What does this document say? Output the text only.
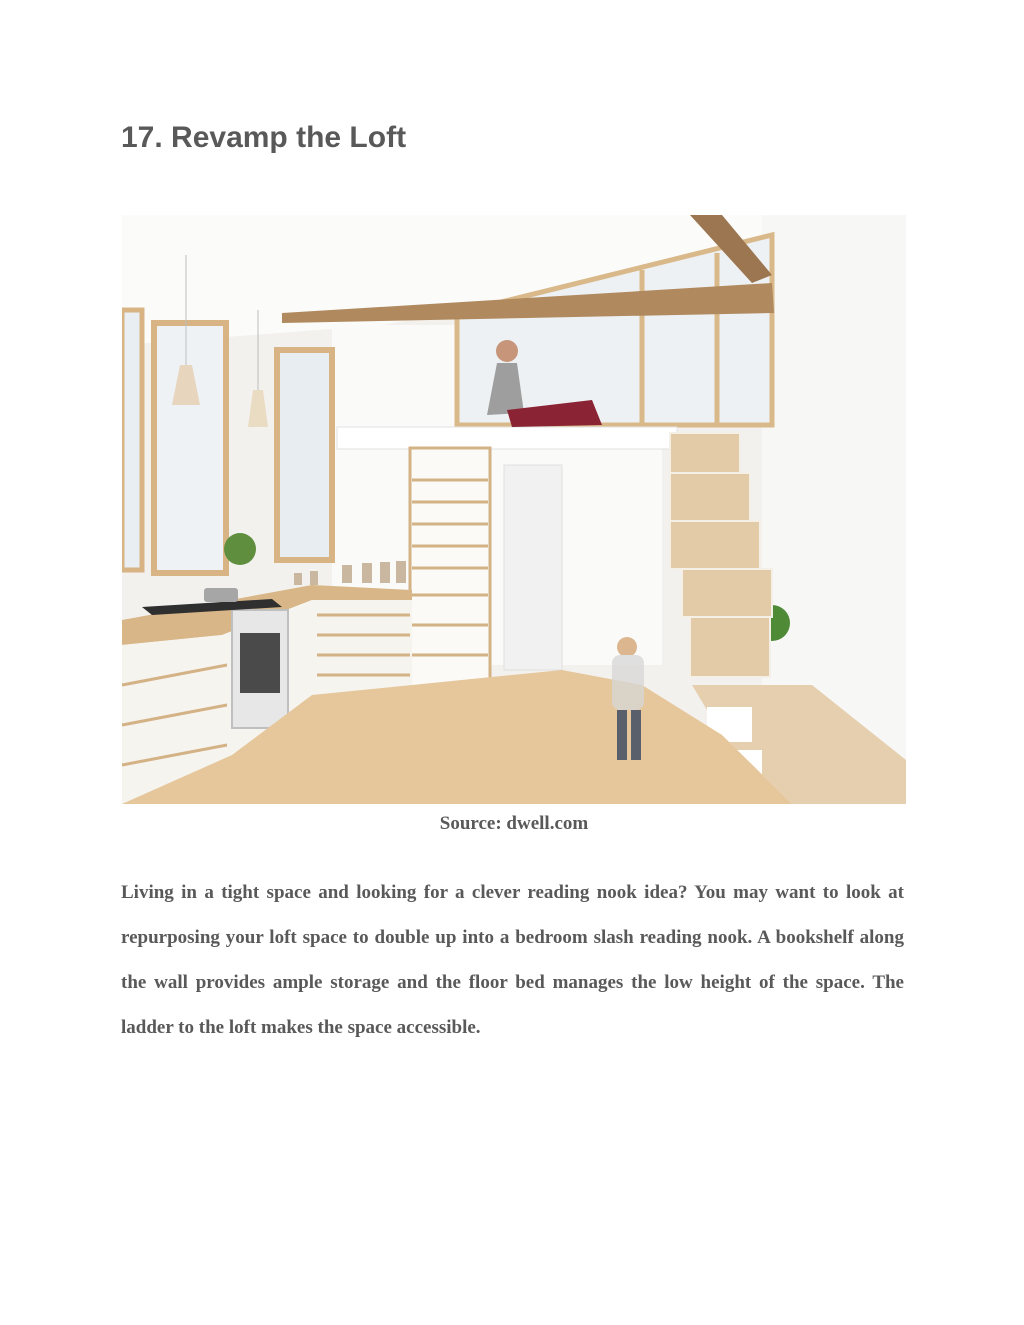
17. Revamp the Loft
Source: dwell.com

Living in a tight space and looking for a clever reading nook idea? You may want to look at repurposing your loft space to double up into a bedroom slash reading nook. A bookshelf along the wall provides ample storage and the floor bed manages the low height of the space. The ladder to the loft makes the space accessible.
